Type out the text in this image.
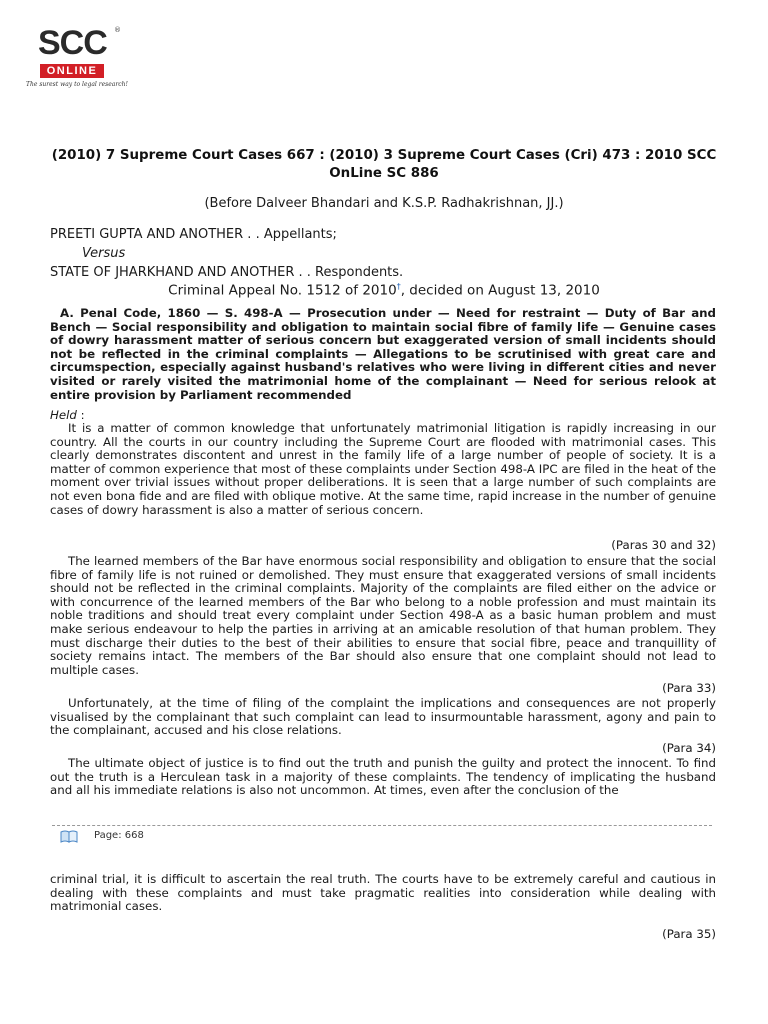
SCC ®
ONLINE
The surest way to legal research!
(2010) 7 Supreme Court Cases 667 : (2010) 3 Supreme Court Cases (Cri) 473 : 2010 SCC OnLine SC 886
(Before Dalveer Bhandari and K.S.P. Radhakrishnan, JJ.)
PREETI GUPTA AND ANOTHER . . Appellants;
Versus
STATE OF JHARKHAND AND ANOTHER . . Respondents.
Criminal Appeal No. 1512 of 2010†, decided on August 13, 2010
A. Penal Code, 1860 — S. 498-A — Prosecution under — Need for restraint — Duty of Bar and Bench — Social responsibility and obligation to maintain social fibre of family life — Genuine cases of dowry harassment matter of serious concern but exaggerated version of small incidents should not be reflected in the criminal complaints — Allegations to be scrutinised with great care and circumspection, especially against husband's relatives who were living in different cities and never visited or rarely visited the matrimonial home of the complainant — Need for serious relook at entire provision by Parliament recommended
Held :
It is a matter of common knowledge that unfortunately matrimonial litigation is rapidly increasing in our country. All the courts in our country including the Supreme Court are flooded with matrimonial cases. This clearly demonstrates discontent and unrest in the family life of a large number of people of society. It is a matter of common experience that most of these complaints under Section 498-A IPC are filed in the heat of the moment over trivial issues without proper deliberations. It is seen that a large number of such complaints are not even bona fide and are filed with oblique motive. At the same time, rapid increase in the number of genuine cases of dowry harassment is also a matter of serious concern.
(Paras 30 and 32)
The learned members of the Bar have enormous social responsibility and obligation to ensure that the social fibre of family life is not ruined or demolished. They must ensure that exaggerated versions of small incidents should not be reflected in the criminal complaints. Majority of the complaints are filed either on the advice or with concurrence of the learned members of the Bar who belong to a noble profession and must maintain its noble traditions and should treat every complaint under Section 498-A as a basic human problem and must make serious endeavour to help the parties in arriving at an amicable resolution of that human problem. They must discharge their duties to the best of their abilities to ensure that social fibre, peace and tranquillity of society remains intact. The members of the Bar should also ensure that one complaint should not lead to multiple cases.
(Para 33)
Unfortunately, at the time of filing of the complaint the implications and consequences are not properly visualised by the complainant that such complaint can lead to insurmountable harassment, agony and pain to the complainant, accused and his close relations.
(Para 34)
The ultimate object of justice is to find out the truth and punish the guilty and protect the innocent. To find out the truth is a Herculean task in a majority of these complaints. The tendency of implicating the husband and all his immediate relations is also not uncommon. At times, even after the conclusion of the
Page: 668
criminal trial, it is difficult to ascertain the real truth. The courts have to be extremely careful and cautious in dealing with these complaints and must take pragmatic realities into consideration while dealing with matrimonial cases.
(Para 35)
